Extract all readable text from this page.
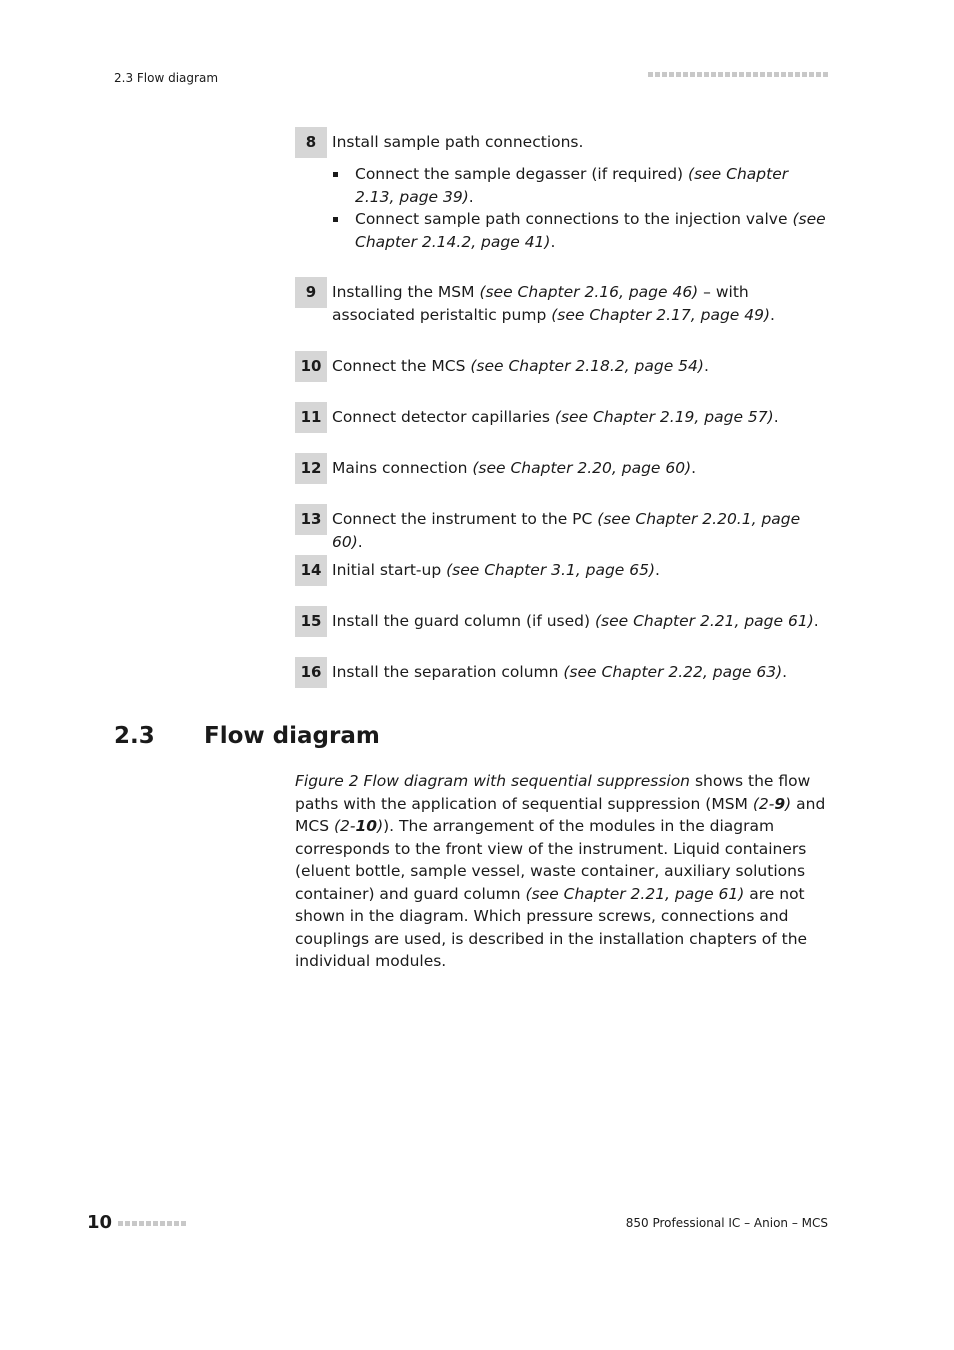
2.3 Flow diagram
8	Install sample path connections.
Connect the sample degasser (if required) (see Chapter 2.13, page 39).
Connect sample path connections to the injection valve (see Chapter 2.14.2, page 41).
9	Installing the MSM (see Chapter 2.16, page 46) – with associated peristaltic pump (see Chapter 2.17, page 49).
10 Connect the MCS (see Chapter 2.18.2, page 54).
11 Connect detector capillaries (see Chapter 2.19, page 57).
12 Mains connection (see Chapter 2.20, page 60).
13 Connect the instrument to the PC (see Chapter 2.20.1, page 60).
14 Initial start-up (see Chapter 3.1, page 65).
15 Install the guard column (if used) (see Chapter 2.21, page 61).
16 Install the separation column (see Chapter 2.22, page 63).
2.3 Flow diagram
Figure 2 Flow diagram with sequential suppression shows the flow paths with the application of sequential suppression (MSM (2-9) and MCS (2-10)). The arrangement of the modules in the diagram corresponds to the front view of the instrument. Liquid containers (eluent bottle, sample vessel, waste container, auxiliary solutions container) and guard column (see Chapter 2.21, page 61) are not shown in the diagram. Which pressure screws, connections and couplings are used, is described in the installation chapters of the individual modules.
10	850 Professional IC – Anion – MCS
